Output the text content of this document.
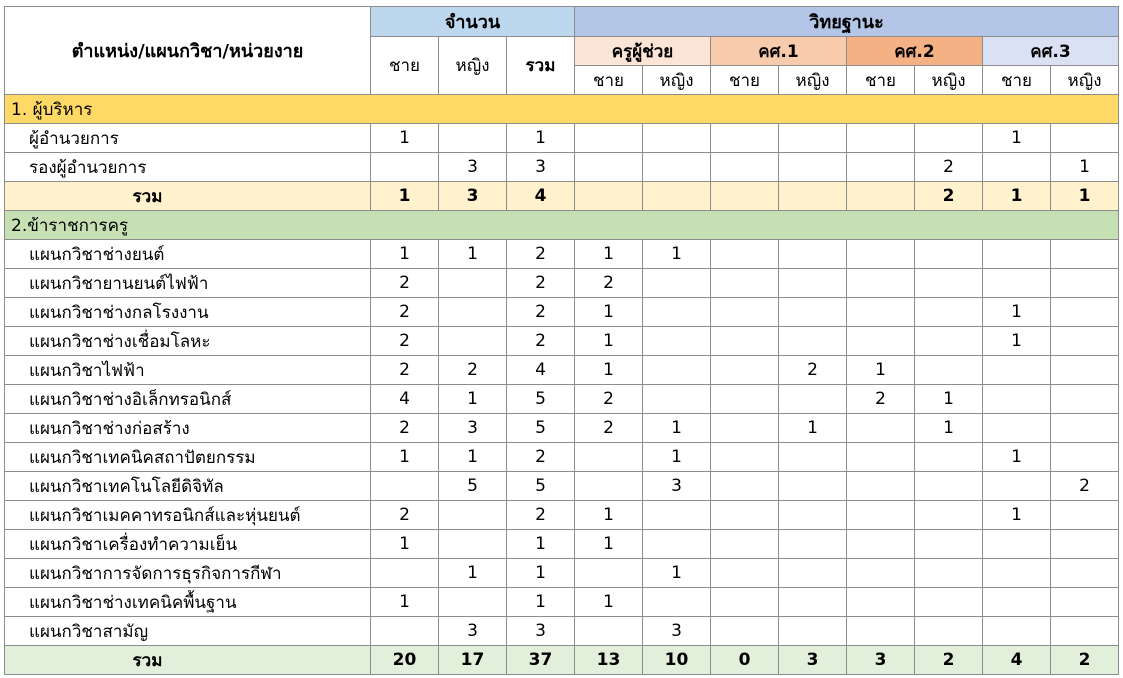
ตำแหน่ง/แผนกวิชา/หน่วยงาย	จำนวน			วิทยฐานะ							
	ชาย	หญิง	รวม	ครูผู้ช่วย		คศ.1		คศ.2		คศ.3	
				ชาย	หญิง	ชาย	หญิง	ชาย	หญิง	ชาย	หญิง
1. ผู้บริหาร											
ผู้อำนวยการ	1		1							1	
รองผู้อำนวยการ		3	3						2		1
รวม	1	3	4						2	1	1
2.ข้าราชการครู											
แผนกวิชาช่างยนต์	1	1	2	1	1						
แผนกวิชายานยนต์ไฟฟ้า	2		2	2							
แผนกวิชาช่างกลโรงงาน	2		2	1						1	
แผนกวิชาช่างเชื่อมโลหะ	2		2	1						1	
แผนกวิชาไฟฟ้า	2	2	4	1			2	1			
แผนกวิชาช่างอิเล็กทรอนิกส์	4	1	5	2				2	1		
แผนกวิชาช่างก่อสร้าง	2	3	5	2	1		1		1		
แผนกวิชาเทคนิคสถาปัตยกรรม	1	1	2		1					1	
แผนกวิชาเทคโนโลยีดิจิทัล		5	5		3						2
แผนกวิชาเมคคาทรอนิกส์และหุ่นยนต์	2		2	1						1	
แผนกวิชาเครื่องทำความเย็น	1		1	1							
แผนกวิชาการจัดการธุรกิจการกีฬา		1	1		1						
แผนกวิชาช่างเทคนิคพื้นฐาน	1		1	1							
แผนกวิชาสามัญ		3	3		3						
รวม	20	17	37	13	10	0	3	3	2	4	2
